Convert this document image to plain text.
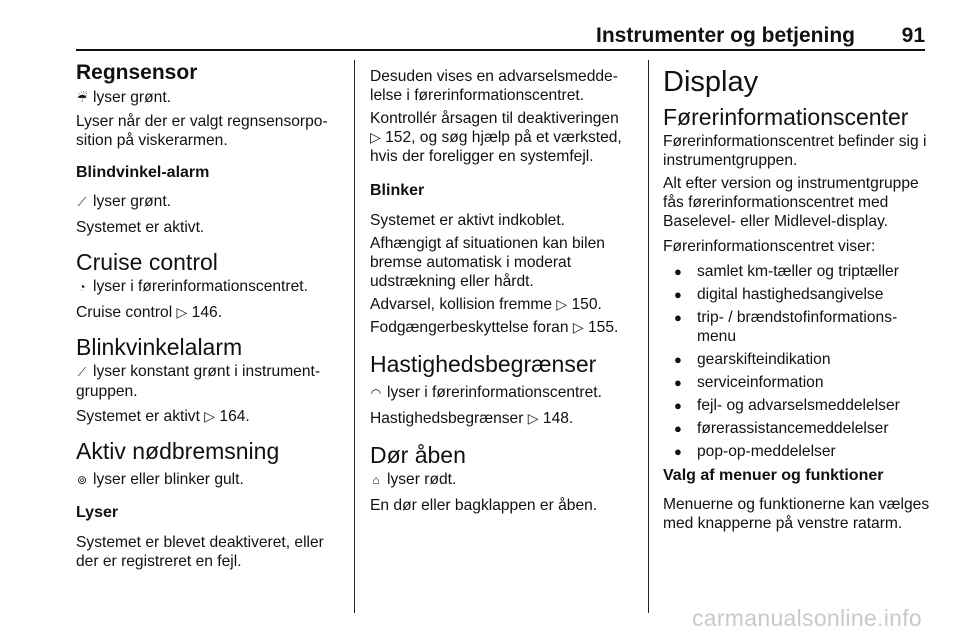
Instrumenter og betjening 91
Regnsensor

☔ lyser grønt.

Lyser når der er valgt regnsensorpo-sition på viskerarmen.

Blindvinkel-alarm

⟋ lyser grønt.

Systemet er aktivt.

Cruise control

◔ lyser i førerinformationscentret.

Cruise control ▷ 146.

Blinkvinkelalarm

⟋ lyser konstant grønt i instrument-gruppen.

Systemet er aktivt ▷ 164.

Aktiv nødbremsning

⊚ lyser eller blinker gult.

Lyser

Systemet er blevet deaktiveret, eller der er registreret en fejl.

Desuden vises en advarselsmedde-lelse i førerinformationscentret.

Kontrollér årsagen til deaktiveringen
▷ 152, og søg hjælp på et værksted, hvis der foreligger en systemfejl.

Blinker

Systemet er aktivt indkoblet.

Afhængigt af situationen kan bilen bremse automatisk i moderat udstrækning eller hårdt.

Advarsel, kollision fremme ▷ 150.

Fodgængerbeskyttelse foran ▷ 155.

Hastighedsbegrænser

◠ lyser i førerinformationscentret.

Hastighedsbegrænser ▷ 148.

Dør åben

⌂ lyser rødt.

En dør eller bagklappen er åben.

Display
Førerinformationscenter

Førerinformationscentret befinder sig i instrumentgruppen.

Alt efter version og instrumentgruppe fås førerinformationscentret med Baselevel- eller Midlevel-display.

Førerinformationscentret viser:

● samlet km-tæller og triptæller
● digital hastighedsangivelse
● trip- / brændstofinformations-menu
● gearskifteindikation
● serviceinformation
● fejl- og advarselsmeddelelser
● førerassistancemeddelelser
● pop-op-meddelelser
Valg af menuer og funktioner

Menuerne og funktionerne kan vælges med knapperne på venstre ratarm.

carmanualsonline.info
